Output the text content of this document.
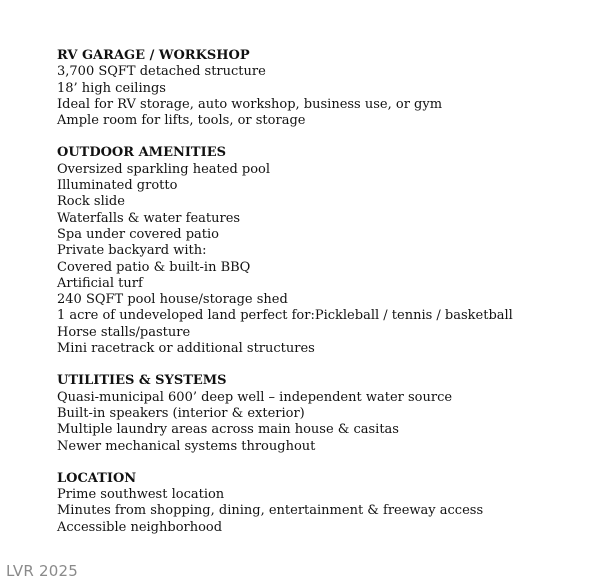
RV GARAGE / WORKSHOP
3,700 SQFT detached structure
18’ high ceilings
Ideal for RV storage, auto workshop, business use, or gym
Ample room for lifts, tools, or storage
OUTDOOR AMENITIES
Oversized sparkling heated pool
Illuminated grotto
Rock slide
Waterfalls & water features
Spa under covered patio
Private backyard with:
Covered patio & built-in BBQ
Artificial turf
240 SQFT pool house/storage shed
1 acre of undeveloped land perfect for:Pickleball / tennis / basketball
Horse stalls/pasture
Mini racetrack or additional structures
UTILITIES & SYSTEMS
Quasi-municipal 600’ deep well – independent water source
Built-in speakers (interior & exterior)
Multiple laundry areas across main house & casitas
Newer mechanical systems throughout
LOCATION
Prime southwest location
Minutes from shopping, dining, entertainment & freeway access
Accessible neighborhood
LVR 2025
